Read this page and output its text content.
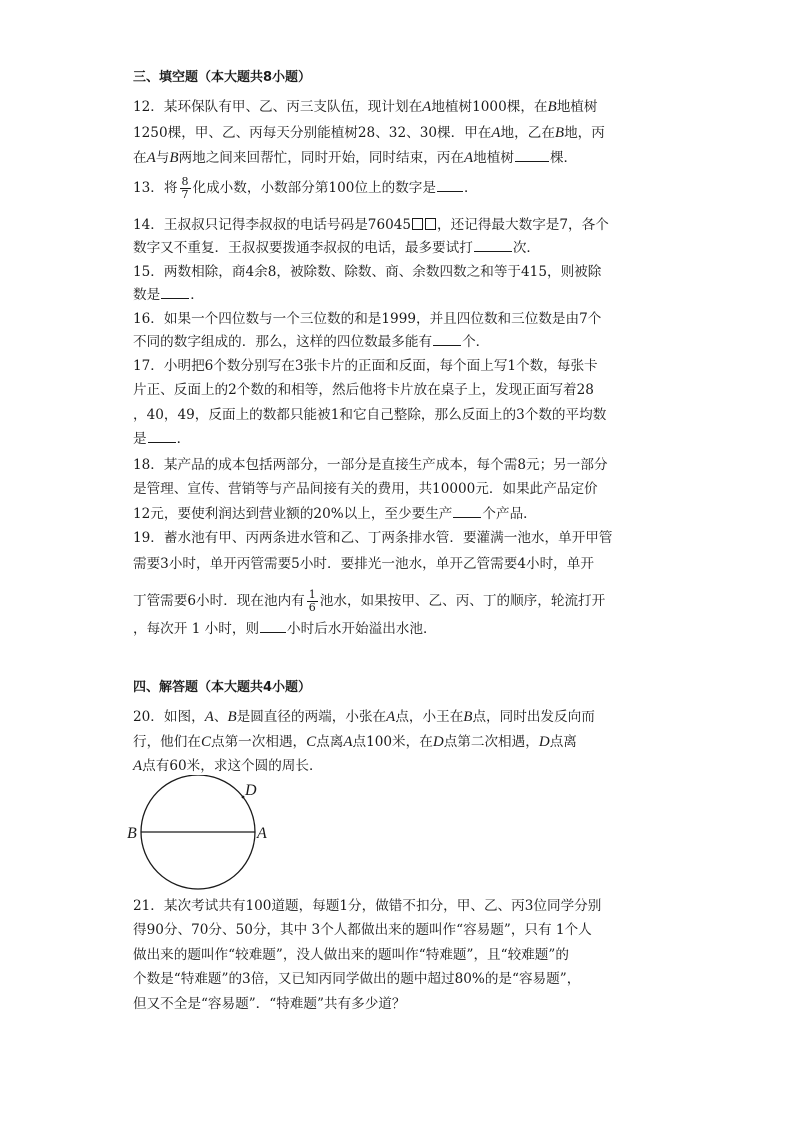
三、填空题（本大题共8小题）
12．某环保队有甲、乙、丙三支队伍，现计划在A地植树1000棵，在B地植树
1250棵，甲、乙、丙每天分别能植树28、32、30棵．甲在A地，乙在B地，丙
在A与B两地之间来回帮忙，同时开始，同时结束，丙在A地植树	棵．
13．将 $\frac{8}{7}$ 化成小数，小数部分第100位上的数字是 ．
14．王叔叔只记得李叔叔的电话号码是76045 ，还记得最大数字是7，各个
数字又不重复．王叔叔要拨通李叔叔的电话，最多要试打	次．
15．两数相除，商4余8，被除数、除数、商、余数四数之和等于415，则被除
数是 ．
16．如果一个四位数与一个三位数的和是1999，并且四位数和三位数是由7个
不同的数字组成的．那么，这样的四位数最多能有 个．
17．小明把6个数分别写在3张卡片的正面和反面，每个面上写1个数，每张卡
片正、反面上的2个数的和相等，然后他将卡片放在桌子上，发现正面写着28
，40，49，反面上的数都只能被1和它自己整除，那么反面上的3个数的平均数
是 ．
18．某产品的成本包括两部分，一部分是直接生产成本，每个需8元；另一部分
是管理、宣传、营销等与产品间接有关的费用，共10000元．如果此产品定价
12元，要使利润达到营业额的20%以上，至少要生产 个产品．
19．蓄水池有甲、丙两条进水管和乙、丁两条排水管．要灌满一池水，单开甲管
需要3小时，单开丙管需要5小时．要排光一池水，单开乙管需要4小时，单开
丁管需要6小时．现在池内有 $\frac{1}{6}$ 池水，如果按甲、乙、丙、丁的顺序，轮流打开
，每次开 1 小时，则 小时后水开始溢出水池．
四、解答题（本大题共4小题）
20．如图，A、B是圆直径的两端，小张在A点，小王在B点，同时出发反向而
行，他们在C点第一次相遇，C点离A点100米，在D点第二次相遇，D点离
A点有60米，求这个圆的周长．
B	A
D
21．某次考试共有100道题，每题1分，做错不扣分，甲、乙、丙3位同学分别
得90分、70分、50分，其中 3个人都做出来的题叫作“容易题”，只有 1个人
做出来的题叫作“较难题”，没人做出来的题叫作“特难题”，且“较难题”的
个数是“特难题”的3倍，又已知丙同学做出的题中超过80%的是“容易题”，
但又不全是“容易题”．“特难题”共有多少道？
